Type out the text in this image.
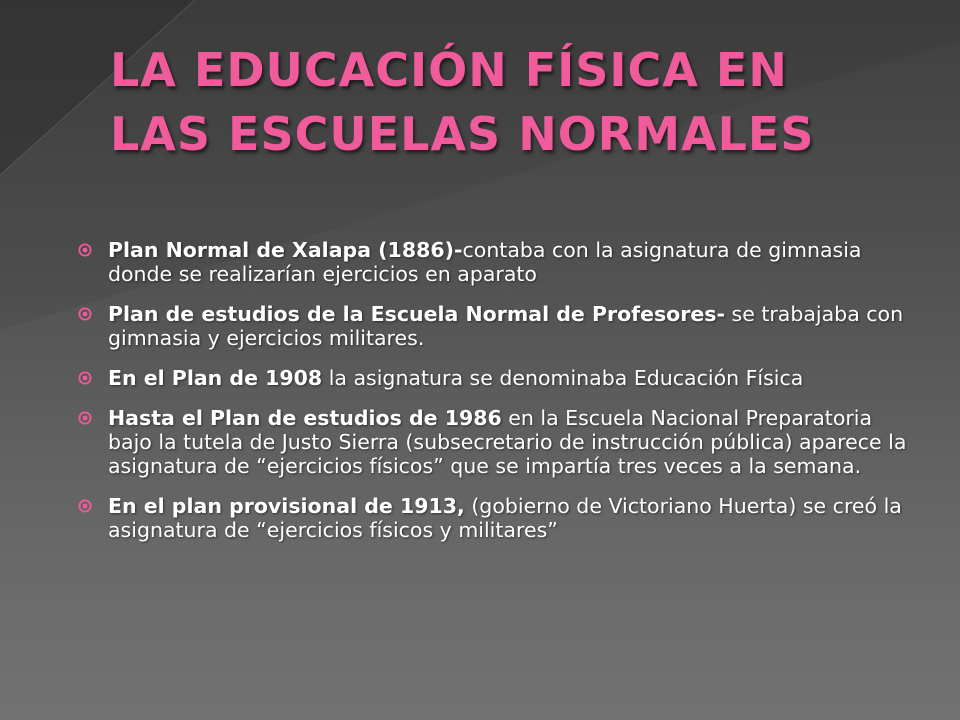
LA EDUCACIÓN FÍSICA EN
LAS ESCUELAS NORMALES
Plan Normal de Xalapa (1886)-contaba con la asignatura de gimnasia donde se realizarían ejercicios en aparato
Plan de estudios de la Escuela Normal de Profesores- se trabajaba con gimnasia y ejercicios militares.
En el Plan de 1908 la asignatura se denominaba Educación Física
Hasta el Plan de estudios de 1986 en la Escuela Nacional Preparatoria bajo la tutela de Justo Sierra (subsecretario de instrucción pública) aparece la asignatura de “ejercicios físicos” que se impartía tres veces a la semana.
En el plan provisional de 1913, (gobierno de Victoriano Huerta) se creó la asignatura de “ejercicios físicos y militares”
